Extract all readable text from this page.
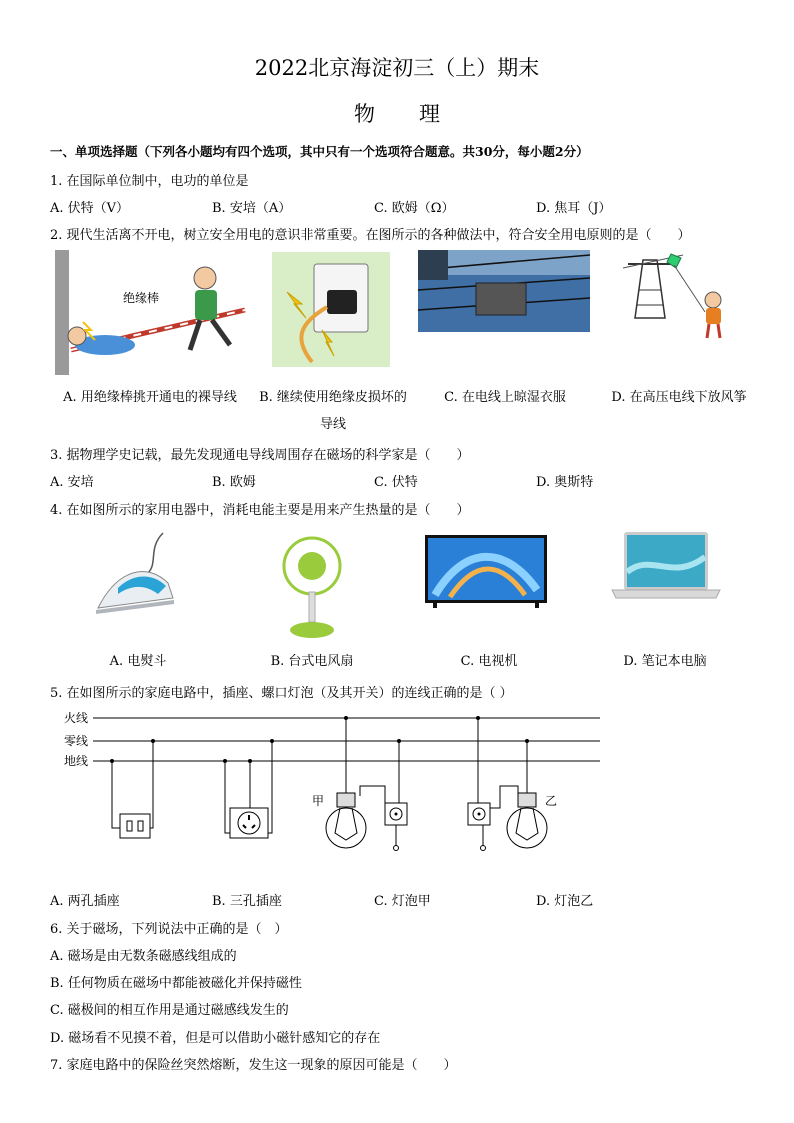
2022北京海淀初三（上）期末
物理
一、单项选择题（下列各小题均有四个选项，其中只有一个选项符合题意。共30分，每小题2分）
1. 在国际单位制中，电功的单位是
A. 伏特（V）	B. 安培（A）	C. 欧姆（Ω）	D. 焦耳（J）
2. 现代生活离不开电，树立安全用电的意识非常重要。在图所示的各种做法中，符合安全用电原则的是（　　）
绝缘棒
A. 用绝缘棒挑开通电的裸导线	B. 继续使用绝缘皮损坏的导线
C. 在电线上晾湿衣服	D. 在高压电线下放风筝
3. 据物理学史记载，最先发现通电导线周围存在磁场的科学家是（　　）
A. 安培	B. 欧姆	C. 伏特	D. 奥斯特
4. 在如图所示的家用电器中，消耗电能主要是用来产生热量的是（　　）
A. 电熨斗	B. 台式电风扇	C. 电视机	D. 笔记本电脑
5. 在如图所示的家庭电路中，插座、螺口灯泡（及其开关）的连线正确的是（ ）
火线
零线
地线
甲	乙
A. 两孔插座	B. 三孔插座	C. 灯泡甲	D. 灯泡乙
6. 关于磁场，下列说法中正确的是（　）
A. 磁场是由无数条磁感线组成的
B. 任何物质在磁场中都能被磁化并保持磁性
C. 磁极间的相互作用是通过磁感线发生的
D. 磁场看不见摸不着，但是可以借助小磁针感知它的存在
7. 家庭电路中的保险丝突然熔断，发生这一现象的原因可能是（　　）
